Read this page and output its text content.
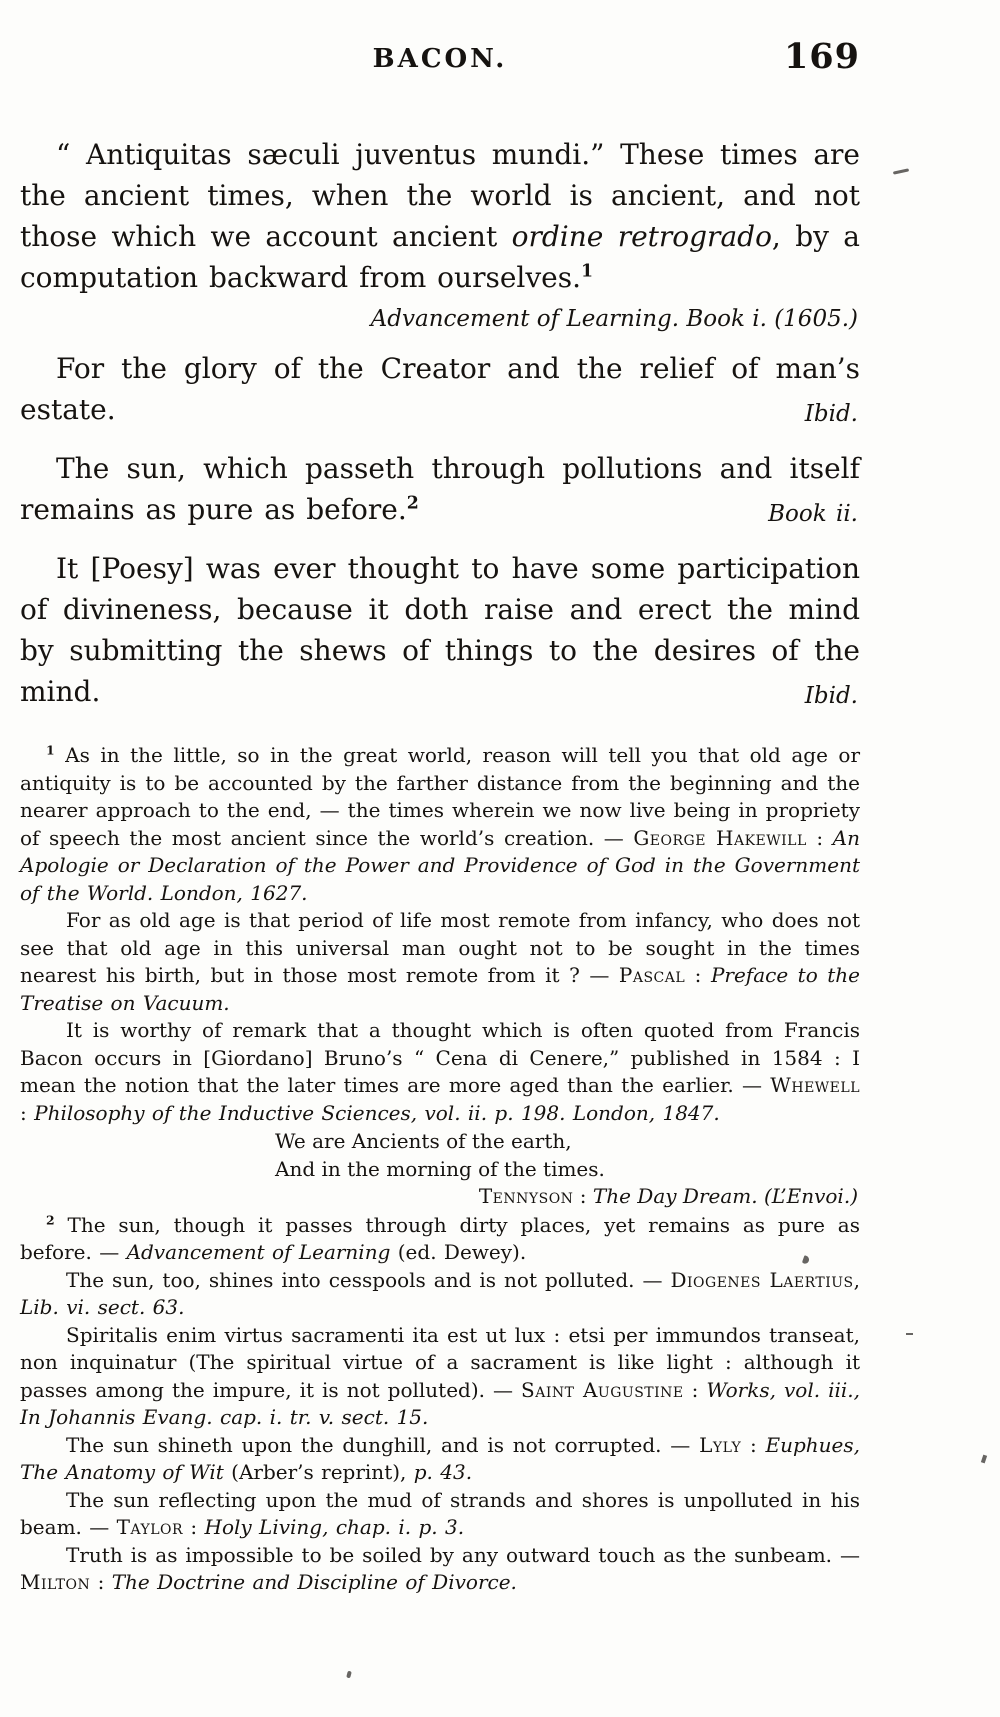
BACON.	169

“ Antiquitas sæculi juventus mundi.” These times are the ancient times, when the world is ancient, and not those which we account ancient ordine retrogrado, by a computation backward from ourselves.$^1$

Advancement of Learning. Book i. (1605.)

For the glory of the Creator and the relief of man’s estate.	Ibid.

The sun, which passeth through pollutions and itself remains as pure as before.$^2$	Book ii.

It [Poesy] was ever thought to have some participation of divineness, because it doth raise and erect the mind by submitting the shews of things to the desires of the mind.	Ibid.

$^1$ As in the little, so in the great world, reason will tell you that old age or antiquity is to be accounted by the farther distance from the beginning and the nearer approach to the end, — the times wherein we now live being in propriety of speech the most ancient since the world’s creation. — George Hakewill : An Apologie or Declaration of the Power and Providence of God in the Government of the World. London, 1627.

For as old age is that period of life most remote from infancy, who does not see that old age in this universal man ought not to be sought in the times nearest his birth, but in those most remote from it ? — Pascal : Preface to the Treatise on Vacuum.

It is worthy of remark that a thought which is often quoted from Francis Bacon occurs in [Giordano] Bruno’s “ Cena di Cenere,” published in 1584 : I mean the notion that the later times are more aged than the earlier. — Whewell : Philosophy of the Inductive Sciences, vol. ii. p. 198. London, 1847.

We are Ancients of the earth,
And in the morning of the times.
Tennyson : The Day Dream. (L’Envoi.)

$^2$ The sun, though it passes through dirty places, yet remains as pure as before. — Advancement of Learning (ed. Dewey).

The sun, too, shines into cesspools and is not polluted. — Diogenes Laertius, Lib. vi. sect. 63.

Spiritalis enim virtus sacramenti ita est ut lux : etsi per immundos transeat, non inquinatur (The spiritual virtue of a sacrament is like light : although it passes among the impure, it is not polluted). — Saint Augustine : Works, vol. iii., In Johannis Evang. cap. i. tr. v. sect. 15.

The sun shineth upon the dunghill, and is not corrupted. — Lyly : Euphues, The Anatomy of Wit (Arber’s reprint), p. 43.

The sun reflecting upon the mud of strands and shores is unpolluted in his beam. — Taylor : Holy Living, chap. i. p. 3.

Truth is as impossible to be soiled by any outward touch as the sunbeam. — Milton : The Doctrine and Discipline of Divorce.
